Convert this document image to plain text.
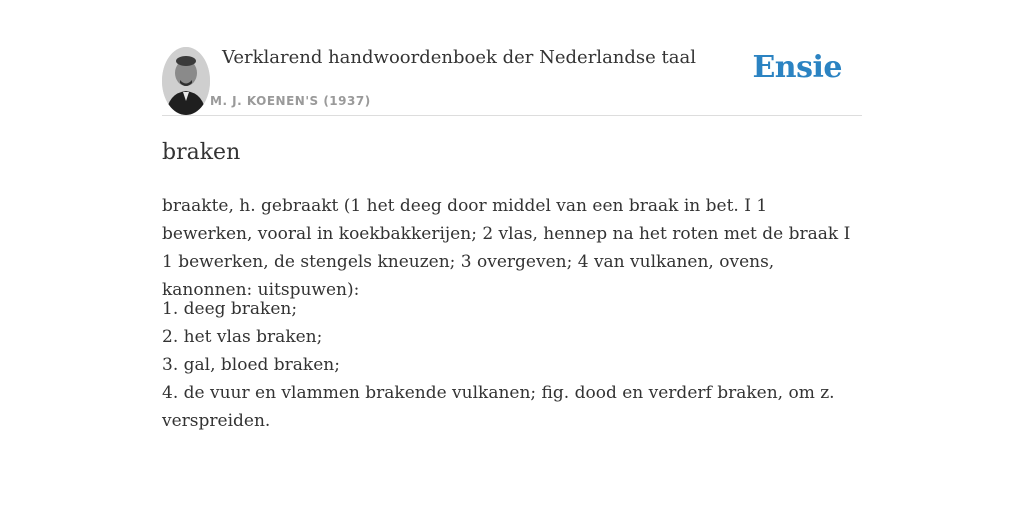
Verklarend handwoordenboek der Nederlandse taal
M. J. KOENEN'S (1937)
Ensie
braken

braakte, h. gebraakt (1 het deeg door middel van een braak in bet. I 1 bewerken, vooral in koekbakkerijen; 2 vlas, hennep na het roten met de braak I 1 bewerken, de stengels kneuzen; 3 overgeven; 4 van vulkanen, ovens, kanonnen: uitspuwen):

1. deeg braken;
2. het vlas braken;
3. gal, bloed braken;
4. de vuur en vlammen brakende vulkanen; fig. dood en verderf braken, om z. verspreiden.
